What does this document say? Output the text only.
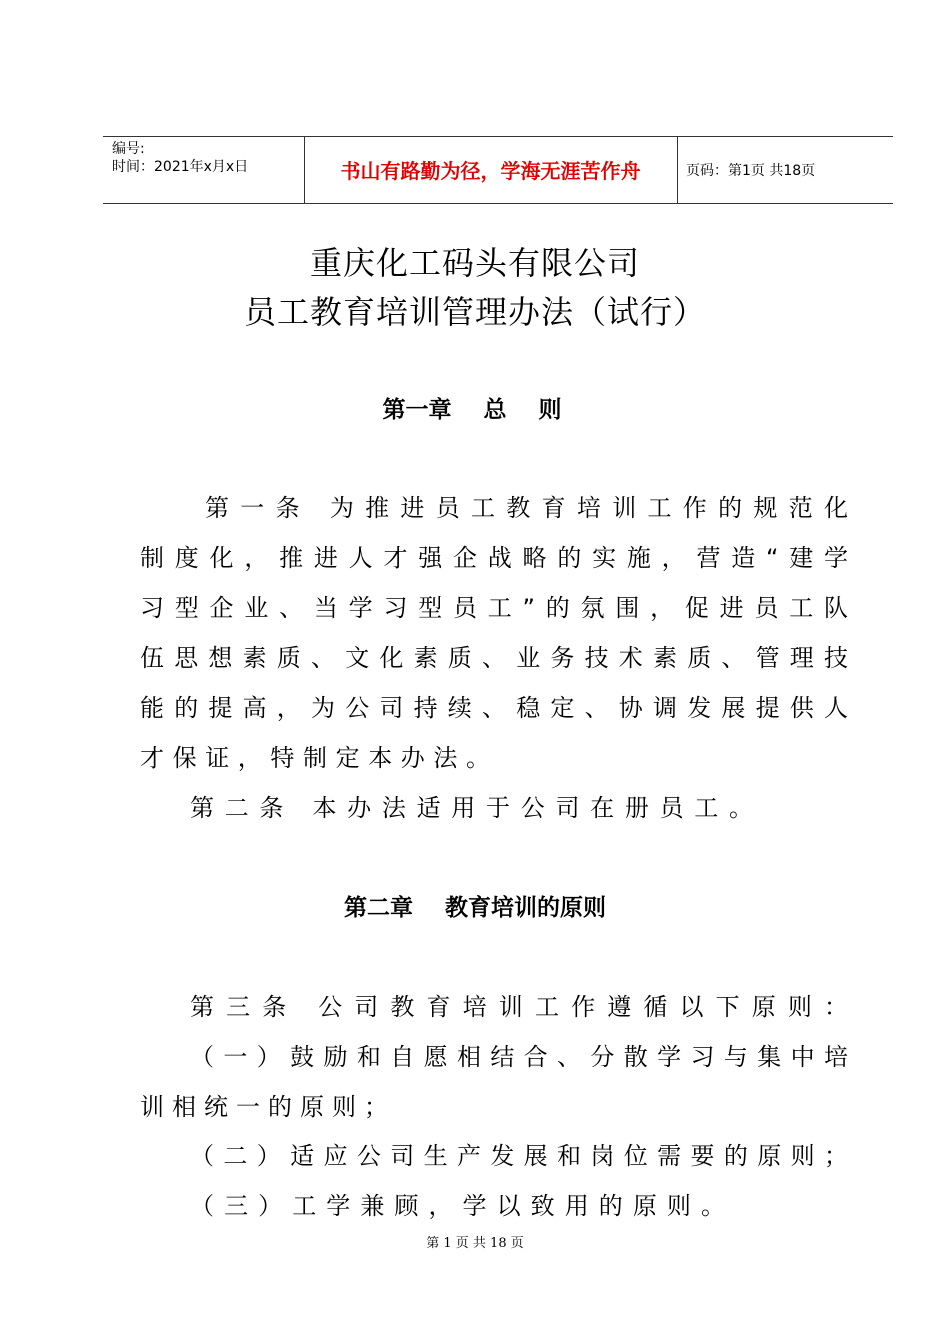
编号:
时间：2021年x月x日	书山有路勤为径，学海无涯苦作舟	页码：第1页 共18页
重庆化工码头有限公司
员工教育培训管理办法（试行）
第一章    总    则
第一条 为推进员工教育培训工作的规范化
制度化，推进人才强企战略的实施，营造“建学
习型企业、当学习型员工”的氛围，促进员工队
伍思想素质、文化素质、业务技术素质、管理技
能的提高，为公司持续、稳定、协调发展提供人
才保证，特制定本办法。
第二条 本办法适用于公司在册员工。
第二章    教育培训的原则
第三条 公司教育培训工作遵循以下原则：
（一）鼓励和自愿相结合、分散学习与集中培
训相统一的原则；
（二）适应公司生产发展和岗位需要的原则；
（三）工学兼顾，学以致用的原则。
第 1 页 共 18 页
